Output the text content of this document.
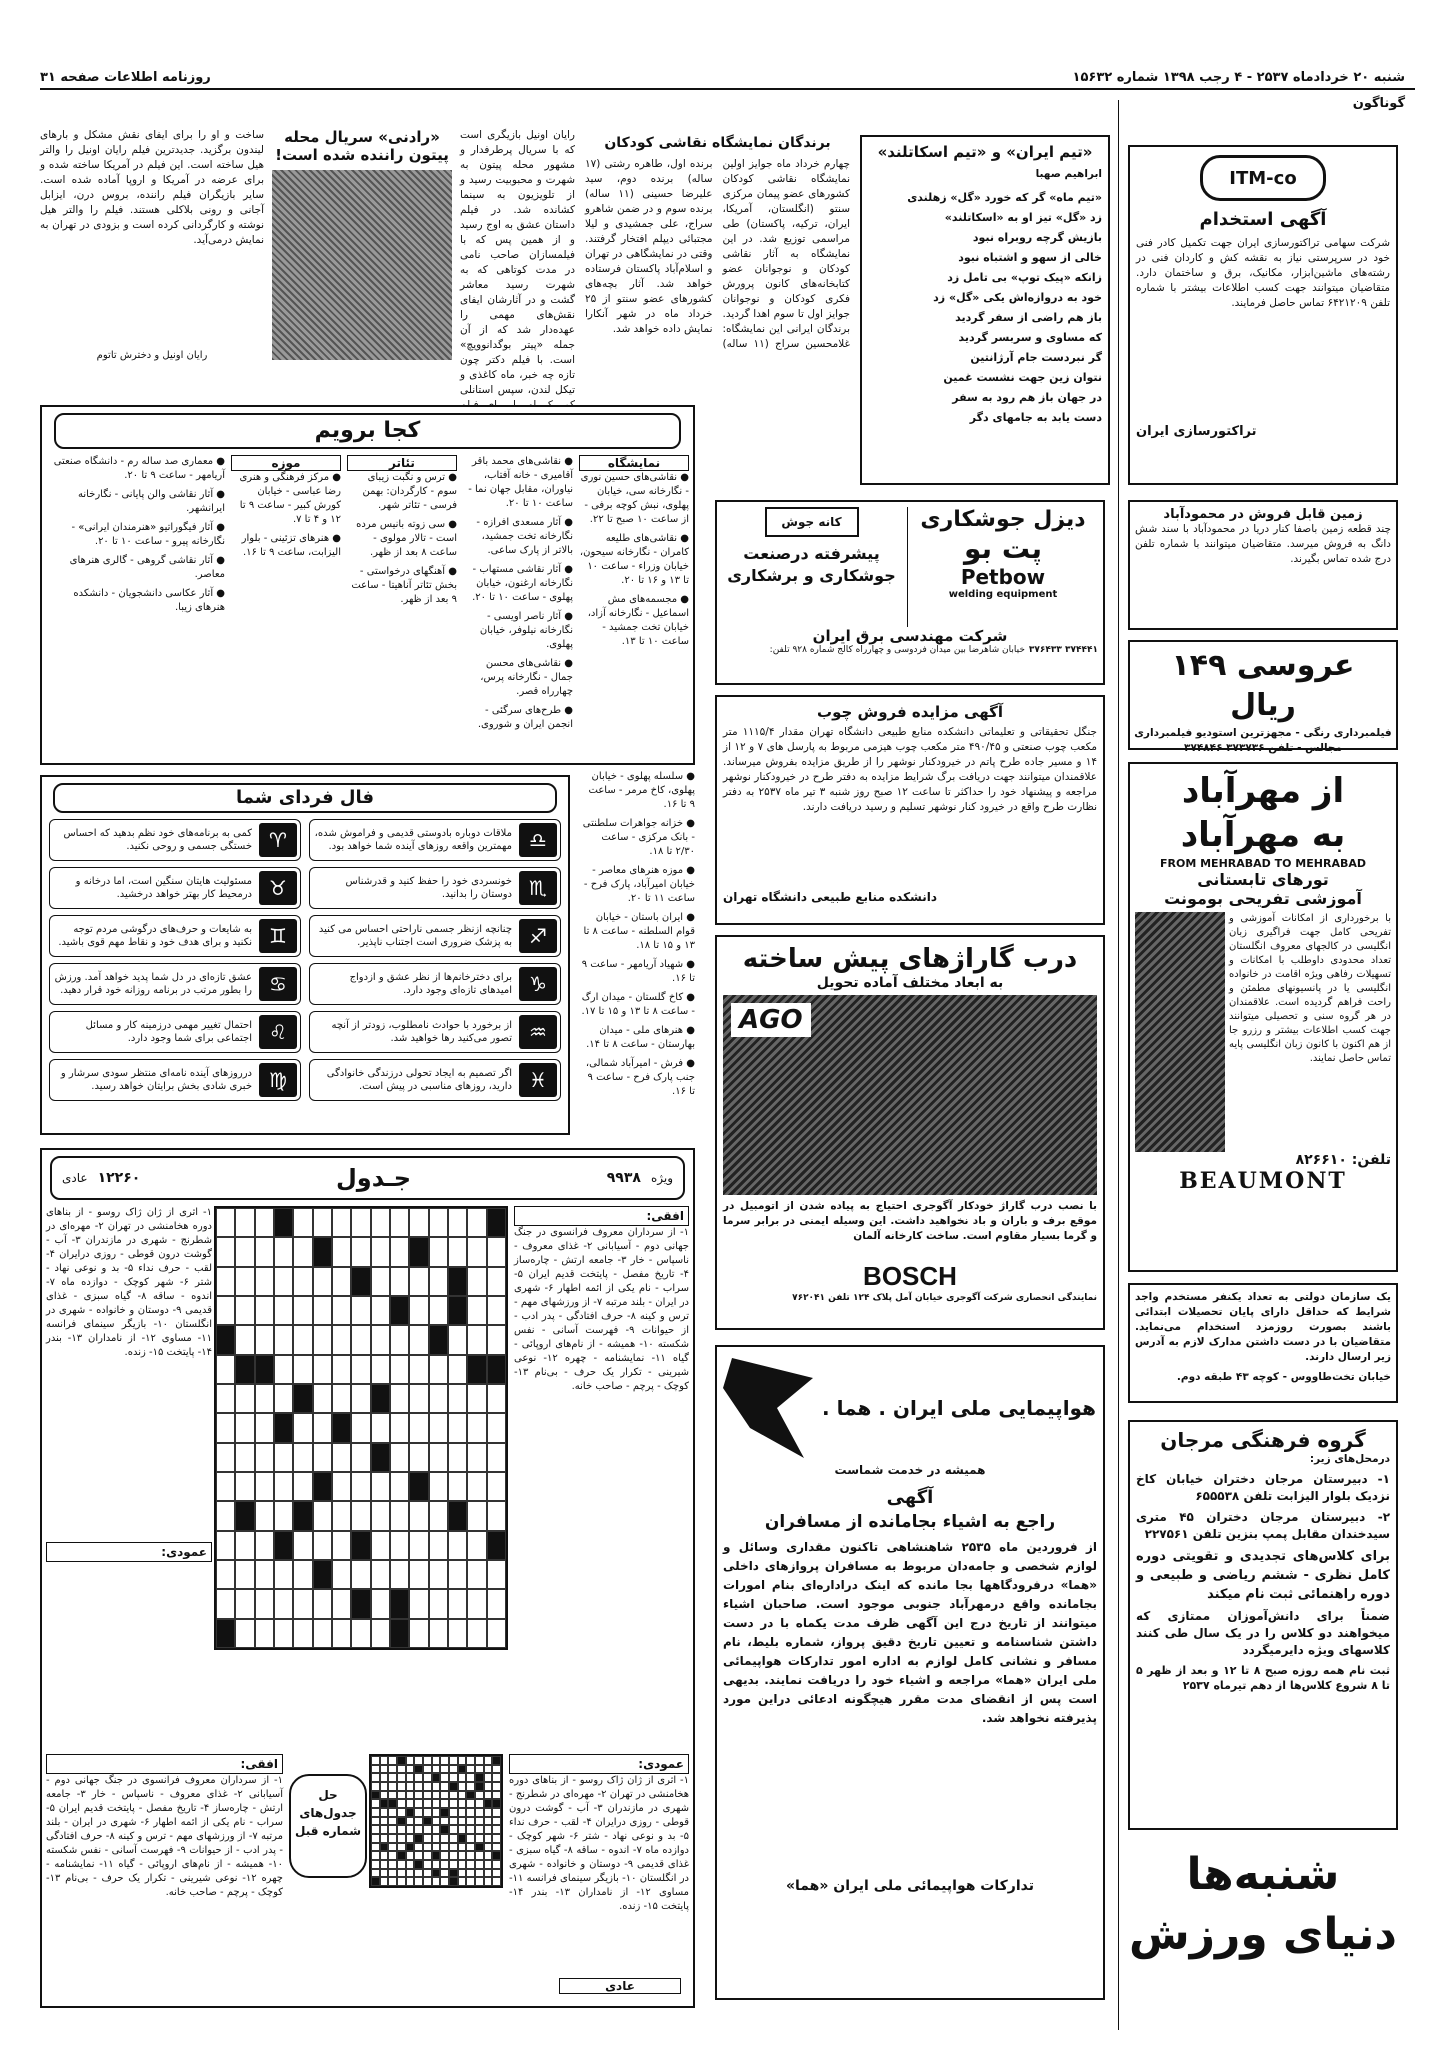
شنبه ۲۰ خردادماه ۲۵۳۷ - ۴ رجب ۱۳۹۸ شماره ۱۵۶۳۲
روزنامه اطلاعات صفحه ۳۱
گوناگون
ITM-co
آگهی استخدام
شرکت سهامی تراکتورسازی ایران جهت تکمیل کادر فنی خود در سرپرستی نیاز به نقشه کش و کاردان فنی در رشته‌های ماشین‌ابزار، مکانیک، برق و ساختمان دارد. متقاضیان میتوانند جهت کسب اطلاعات بیشتر با شماره تلفن ۶۴۲۱۲۰۹ تماس حاصل فرمایند.
تراکتورسازی ایران
زمین قابل فروش در محمودآباد
چند قطعه زمین باصفا کنار دریا در محمودآباد با سند شش دانگ به فروش میرسد. متقاضیان میتوانند با شماره تلفن درج شده تماس بگیرند.
عروسی ۱۴۹ ریال
فیلمبرداری رنگی - مجهزترین استودیو فیلمبرداری مجالس - تلفن ۳۷۳۷۳۶ ۳۷۴۸۴۶
از مهرآباد
به مهرآباد
FROM MEHRABAD TO MEHRABAD
تورهای تابستانی
آموزشی تفریحی بومونت
با برخورداری از امکانات آموزشی و تفریحی کامل جهت فراگیری زبان انگلیسی در کالجهای معروف انگلستان تعداد محدودی داوطلب با امکانات و تسهیلات رفاهی ویژه اقامت در خانواده انگلیسی یا در پانسیونهای مطمئن و راحت فراهم گردیده است. علاقمندان در هر گروه سنی و تحصیلی میتوانند جهت کسب اطلاعات بیشتر و رزرو جا از هم اکنون با کانون زبان انگلیسی پایه تماس حاصل نمایند.
تلفن: ۸۲۶۶۱۰
BEAUMONT
یک سازمان دولتی به تعداد یکنفر مستخدم واجد شرایط که حداقل دارای پایان تحصیلات ابتدائی باشند بصورت روزمزد استخدام می‌نماید. متقاضیان با در دست داشتن مدارک لازم به آدرس زیر ارسال دارند.
خیابان تخت‌طاووس - کوچه ۴۳ طبقه دوم.
گروه فرهنگی مرجان
درمحل‌های زیر:
۱- دبیرستان مرجان دختران خیابان کاخ نزدیک بلوار الیزابت تلفن ۶۵۵۵۳۸
۲- دبیرستان مرجان دختران ۴۵ متری سیدخندان مقابل پمپ بنزین تلفن ۲۲۷۵۶۱
برای کلاس‌های تجدیدی و تقویتی دوره کامل نظری - ششم ریاضی و طبیعی و دوره راهنمائی ثبت نام میکند
ضمناً برای دانش‌آموزان ممتازی که میخواهند دو کلاس را در یک سال طی کنند کلاسهای ویژه دایرمیگردد
ثبت نام همه روزه صبح ۸ تا ۱۲ و بعد از ظهر ۵ تا ۸ شروع کلاس‌ها از دهم تیرماه ۲۵۳۷
شنبه‌ها
دنیای ورزش
«تیم ایران» و «تیم اسکاتلند»
ابراهیم صهبا
«تیم ماه» گر که خورد «گل» زهلندی
زد «گل» تیز او به «اسکاتلند»
بازیش گرچه روبراه نبود
خالی از سهو و اشتباه نبود
زانکه «پیک توپ» بی تامل زد
خود به دروازه‌اش یکی «گل» زد
باز هم راضی از سفر گردید
که مساوی و سربسر گردید
گر نبردست جام آرژانتین
نتوان زین جهت نشست غمین
در جهان باز هم رود به سفر
دست یابد به جامهای دگر
برندگان نمایشگاه نقاشی کودکان
چهارم خرداد ماه جوایز اولین نمایشگاه نقاشی کودکان کشورهای عضو پیمان مرکزی سنتو (انگلستان، آمریکا، ایران، ترکیه، پاکستان) طی مراسمی توزیع شد. در این نمایشگاه به آثار نقاشی کودکان و نوجوانان عضو کتابخانه‌های کانون پرورش فکری کودکان و نوجوانان جوایز اول تا سوم اهدا گردید. برندگان ایرانی این نمایشگاه: غلامحسین سراج (۱۱ ساله) برنده اول، طاهره رشتی (۱۷ ساله) برنده دوم، سید علیرضا حسینی (۱۱ ساله) برنده سوم و در ضمن شاهرو سراج، علی جمشیدی و لیلا مجتبائی دیپلم افتخار گرفتند. وقتی در نمایشگاهی در تهران و اسلام‌آباد پاکستان فرستاده خواهد شد. آثار بچه‌های کشورهای عضو سنتو از ۲۵ خرداد ماه در شهر آنکارا نمایش داده خواهد شد.
رایان اونیل بازیگری است که با سریال پرطرفدار و مشهور محله پیتون به شهرت و محبوبیت رسید و از تلویزیون به سینما کشانده شد. در فیلم داستان عشق به اوج رسید و از همین پس که با فیلمسازان صاحب نامی در مدت کوتاهی که به شهرت رسید معاشر گشت و در آثارشان ایفای نقش‌های مهمی را عهده‌دار شد که از آن جمله «پیتر بوگدانوویچ» است. با فیلم دکتر چون تازه چه خبر، ماه کاغذی و تیکل‌ لندن، سپس استانلی
«رادنی» سریال محله پیتون راننده شده است!
ساخت و او را برای ایفای نقش مشکل و بارهای لیندون برگزید. جدیدترین فیلم رایان اونیل را والتر هیل ساخته است. این فیلم در آمریکا ساخته شده و برای عرضه در آمریکا و اروپا آماده شده است. سایر بازیگران فیلم راننده، بروس درن، ایزابل آجانی و رونی بلاکلی هستند. فیلم را والتر هیل نوشته و کارگردانی کرده است و بزودی در تهران به نمایش درمی‌آید.
رایان اونیل و دخترش تاتوم
کجا برویم
نمایشگاه
● نقاشی‌های حسین نوری - نگارخانه سی، خیابان پهلوی، نبش کوچه برفی - از ساعت ۱۰ صبح تا ۲۲.
● نقاشی‌های طلیعه کامران - نگارخانه سیحون، خیابان وزراء - ساعت ۱۰ تا ۱۳ و ۱۶ تا ۲۰.
● مجسمه‌های مش اسماعیل - نگارخانه آزاد، خیابان تخت جمشید - ساعت ۱۰ تا ۱۳.
● نقاشی‌های محمد باقر آقامیری - خانه آفتاب، نیاوران، مقابل جهان نما - ساعت ۱۰ تا ۲۰.
● آثار مسعدی افرازه - نگارخانه تخت جمشید، بالاتر از پارک ساعی.
● آثار نقاشی مستهاب - نگارخانه ارغنون، خیابان پهلوی - ساعت ۱۰ تا ۲۰.
● آثار ناصر اویسی - نگارخانه نیلوفر، خیابان پهلوی.
● نقاشی‌های محسن جمال - نگارخانه پرس، چهارراه قصر.
● طرح‌های سرگئی - انجمن ایران و شوروی.
تئاتر
● ترس و نگبت زیبای سوم - کارگردان: بهمن فرسی - تئاتر شهر.
● سی زوته بانیس مرده است - تالار مولوی - ساعت ۸ بعد از ظهر.
● آهنگهای درخواستی - بخش تئاتر آناهیتا - ساعت ۹ بعد از ظهر.
موزه
● مرکز فرهنگی و هنری رضا عباسی - خیابان کورش کبیر - ساعت ۹ تا ۱۲ و ۴ تا ۷.
● هنر‌های تزئینی - بلوار الیزابت، ساعت ۹ تا ۱۶.
● معماری صد ساله رم - دانشگاه صنعتی آریامهر - ساعت ۹ تا ۲۰.
● آثار نقاشی والن پایانی - نگارخانه ایرانشهر.
● آثار فیگوراتیو «هنرمندان ایرانی» - نگارخانه پیرو - ساعت ۱۰ تا ۲۰.
● آثار نقاشی گروهی - گالری هنرهای معاصر.
● آثار عکاسی دانشجویان - دانشکده هنرهای زیبا.
● سلسله پهلوی - خیابان پهلوی، کاخ مرمر - ساعت ۹ تا ۱۶.
● خزانه جواهرات سلطنتی - بانک مرکزی - ساعت ۲/۳۰ تا ۱۸.
● موزه هنرهای معاصر - خیابان امیرآباد، پارک فرح - ساعت ۱۱ تا ۲۰.
● ایران باستان - خیابان قوام السلطنه - ساعت ۸ تا ۱۳ و ۱۵ تا ۱۸.
● شهیاد آریامهر - ساعت ۹ تا ۱۶.
● کاخ گلستان - میدان ارگ - ساعت ۸ تا ۱۳ و ۱۵ تا ۱۷.
● هنرهای ملی - میدان بهارستان - ساعت ۸ تا ۱۴.
● فرش - امیرآباد شمالی، جنب پارک فرح - ساعت ۹ تا ۱۶.
فال فردای شما
♎
ملاقات دوباره بادوستی قدیمی و فراموش شده، مهمترین واقعه روزهای آینده شما خواهد بود.
♈
کمی به برنامه‌های خود نظم بدهید که احساس خستگی جسمی و روحی نکنید.
♏
خونسردی خود را حفظ کنید و قدرشناس دوستان را بدانید.
♉
مسئولیت هایتان سنگین است، اما درخانه و درمحیط کار بهتر خواهد درخشید.
♐
چنانچه ازنظر جسمی ناراحتی احساس می کنید به پزشک ضروری است اجتناب ناپذیر.
♊
به شایعات و حرف‌های درگوشی مردم توجه نکنید و برای هدف خود و نقاط مهم قوی باشید.
♑
برای دخترخانم‌ها از نظر عشق و ازدواج امیدهای تازه‌ای وجود دارد.
♋
عشق تازه‌ای در دل شما پدید خواهد آمد. ورزش را بطور مرتب در برنامه روزانه خود قرار دهید.
♒
از برخورد با حوادث نامطلوب، زودتر از آنچه تصور می‌کنید رها خواهید شد.
♌
احتمال تغییر مهمی درزمینه کار و مسائل اجتماعی برای شما وجود دارد.
♓
اگر تصمیم به ایجاد تحولی درزندگی خانوادگی دارید، روزهای مناسبی در پیش است.
♍
درروزهای آینده نامه‌ای منتظر سودی سرشار و خبری شادی بخش برایتان خواهد رسید.
ویژه
۹۹۳۸
جـدول
۱۲۲۶۰
عادی
افقی:
۱- از سرداران معروف فرانسوی در جنگ جهانی دوم - آسیابانی ۲- غذای معروف - ناسپاس - خار ۳- جامعه ارتش - چاره‌ساز ۴- تاریخ مفصل - پایتخت قدیم ایران ۵- سراب - نام یکی از ائمه اطهار ۶- شهری در ایران - بلند مرتبه ۷- از ورزشهای مهم - ترس و کینه ۸- حرف افتادگی - پدر ادب - از حیوانات ۹- فهرست آسانی - نفس شکسته ۱۰- همیشه - از نام‌های اروپائی - گیاه ۱۱- نمایشنامه - چهره ۱۲- نوعی شیرینی - تکرار یک حرف - بی‌نام ۱۳- کوچک - پرچم - صاحب خانه.
۱- اثری از ژان ژاک روسو - از بناهای دوره هخامنشی در تهران ۲- مهره‌ای در شطرنج - شهری در مازندران ۳- آب - گوشت درون قوطی - روزی درایران ۴- لقب - حرف نداء ۵- بد و نوعی نهاد - شتر ۶- شهر کوچک - دوازده ماه ۷- اندوه - ساقه ۸- گیاه سبزی - غذای قدیمی ۹- دوستان و خانواده - شهری در انگلستان ۱۰- بازیگر سینمای فرانسه ۱۱- مساوی ۱۲- از نامداران ۱۳- بندر ۱۴- پایتخت ۱۵- زنده.
عمودی:
عمودی:
۱- اثری از ژان ژاک روسو - از بناهای دوره هخامنشی در تهران ۲- مهره‌ای در شطرنج - شهری در مازندران ۳- آب - گوشت درون قوطی - روزی درایران ۴- لقب - حرف نداء ۵- بد و نوعی نهاد - شتر ۶- شهر کوچک - دوازده ماه ۷- اندوه - ساقه ۸- گیاه سبزی - غذای قدیمی ۹- دوستان و خانواده - شهری در انگلستان ۱۰- بازیگر سینمای فرانسه ۱۱- مساوی ۱۲- از نامداران ۱۳- بندر ۱۴- پایتخت ۱۵- زنده.
حل جدول‌های شماره قبل
افقی:
۱- از سرداران معروف فرانسوی در جنگ جهانی دوم - آسیابانی ۲- غذای معروف - ناسپاس - خار ۳- جامعه ارتش - چاره‌ساز ۴- تاریخ مفصل - پایتخت قدیم ایران ۵- سراب - نام یکی از ائمه اطهار ۶- شهری در ایران - بلند مرتبه ۷- از ورزشهای مهم - ترس و کینه ۸- حرف افتادگی - پدر ادب - از حیوانات ۹- فهرست آسانی - نفس شکسته ۱۰- همیشه - از نام‌های اروپائی - گیاه ۱۱- نمایشنامه - چهره ۱۲- نوعی شیرینی - تکرار یک حرف - بی‌نام ۱۳- کوچک - پرچم - صاحب خانه.
عادی
دیزل جوشکاری
پت بو
Petbow
welding equipment
کانه جوش
پیشرفته درصنعت جوشکاری و برشکاری
شرکت مهندسی برق ایران
۳۷۴۴۴۱ ۳۷۶۴۳۳
خیابان شاهرضا بین میدان فردوسی و چهارراه کالج شماره ۹۲۸ تلفن:
آگهی مزایده فروش چوب
جنگل تحقیقاتی و تعلیماتی دانشکده منابع طبیعی دانشگاه تهران مقدار ۱۱۱۵/۴ متر مکعب چوب صنعتی و ۴۹۰/۴۵ متر مکعب چوب هیزمی مربوط به پارسل های ۷ و ۱۲ از ۱۴ و مسیر جاده طرح پاتم در خیرودکنار نوشهر را از طریق مزایده بفروش میرساند. علاقمندان میتوانند جهت دریافت برگ شرایط مزایده به دفتر طرح در خیرودکنار نوشهر مراجعه و پیشنهاد خود را حداکثر تا ساعت ۱۲ صبح روز شنبه ۳ تیر ماه ۲۵۳۷ به دفتر نظارت طرح واقع در خیرود کنار نوشهر تسلیم و رسید دریافت دارند.
دانشکده منابع طبیعی دانشگاه تهران
درب گاراژهای پیش ساخته
به ابعاد مختلف آماده تحویل
AGO
با نصب درب گاراژ خودکار آگوجری احتیاج به پیاده شدن از اتومبیل در موقع برف و باران و باد نخواهید داشت. این وسیله ایمنی در برابر سرما و گرما بسیار مقاوم است. ساخت کارخانه آلمان
BOSCH
نمایندگی انحصاری شرکت آگوجری خیابان آمل پلاک ۱۲۴ تلفن ۷۶۲۰۴۱
هواپیمایی ملی ایران . هما .
همیشه در خدمت شماست
آگهی
راجع به اشیاء بجامانده از مسافران
از فروردین ماه ۲۵۳۵ شاهنشاهی تاکنون مقداری وسائل و لوازم شخصی و جامه‌دان مربوط به مسافران پروازهای داخلی «هما» درفرودگاهها بجا مانده که اینک دراداره‌ای بنام امورات بجامانده واقع درمهرآباد جنوبی موجود است. صاحبان اشیاء میتوانند از تاریخ درج این آگهی ظرف مدت یکماه با در دست داشتن شناسنامه و تعیین تاریخ دقیق پرواز، شماره بلیط، نام مسافر و نشانی کامل لوازم به اداره امور تدارکات هواپیمائی ملی ایران «هما» مراجعه و اشیاء خود را دریافت نمایند. بدیهی است پس از انقضای مدت مقرر هیچگونه ادعائی دراین مورد پذیرفته نخواهد شد.
تدارکات هواپیمائی ملی ایران «هما»
